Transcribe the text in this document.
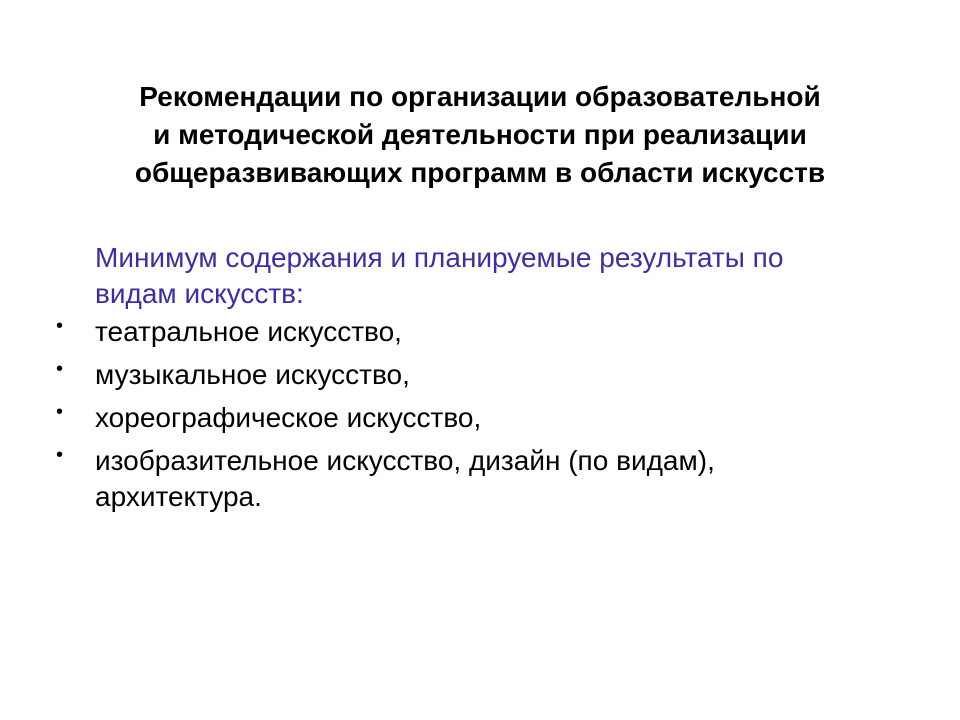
Рекомендации по организации образовательной
и методической деятельности при реализации
общеразвивающих программ в области искусств

Минимум содержания и планируемые результаты по
видам искусств:

• театральное искусство,
• музыкальное искусство,
• хореографическое искусство,
• изобразительное искусство, дизайн (по видам),
архитектура.
